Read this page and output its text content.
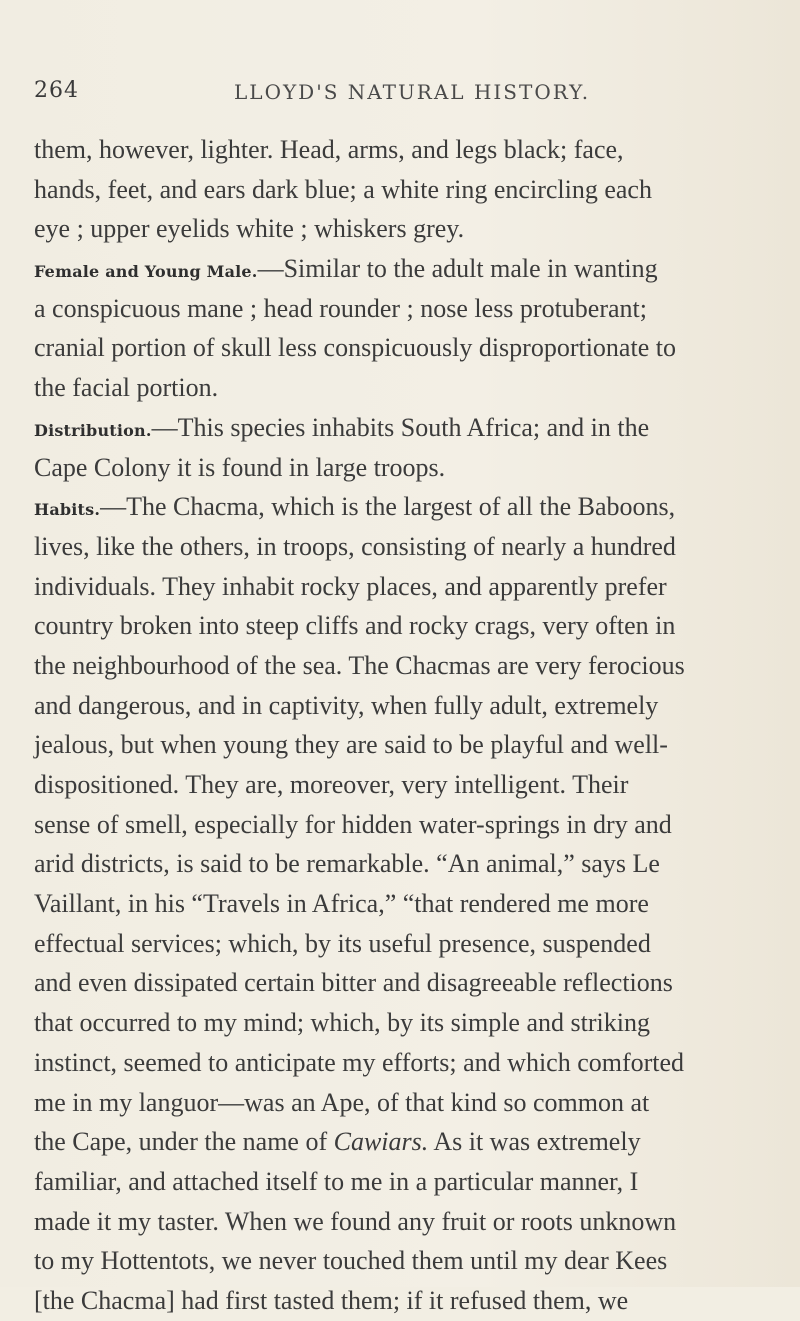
264	LLOYD'S NATURAL HISTORY.
them, however, lighter. Head, arms, and legs black; face,
hands, feet, and ears dark blue; a white ring encircling each
eye ; upper eyelids white ; whiskers grey.
Female and Young Male.—Similar to the adult male in wanting
a conspicuous mane ; head rounder ; nose less protuberant;
cranial portion of skull less conspicuously disproportionate to
the facial portion.
Distribution.—This species inhabits South Africa; and in the
Cape Colony it is found in large troops.
Habits.—The Chacma, which is the largest of all the Baboons,
lives, like the others, in troops, consisting of nearly a hundred
individuals. They inhabit rocky places, and apparently prefer
country broken into steep cliffs and rocky crags, very often in
the neighbourhood of the sea. The Chacmas are very ferocious
and dangerous, and in captivity, when fully adult, extremely
jealous, but when young they are said to be playful and well-
dispositioned. They are, moreover, very intelligent. Their
sense of smell, especially for hidden water-springs in dry and
arid districts, is said to be remarkable. “An animal,” says Le
Vaillant, in his “Travels in Africa,” “that rendered me more
effectual services; which, by its useful presence, suspended
and even dissipated certain bitter and disagreeable reflections
that occurred to my mind; which, by its simple and striking
instinct, seemed to anticipate my efforts; and which comforted
me in my languor—was an Ape, of that kind so common at
the Cape, under the name of Cawiars. As it was extremely
familiar, and attached itself to me in a particular manner, I
made it my taster. When we found any fruit or roots unknown
to my Hottentots, we never touched them until my dear Kees
[the Chacma] had first tasted them; if it refused them, we
